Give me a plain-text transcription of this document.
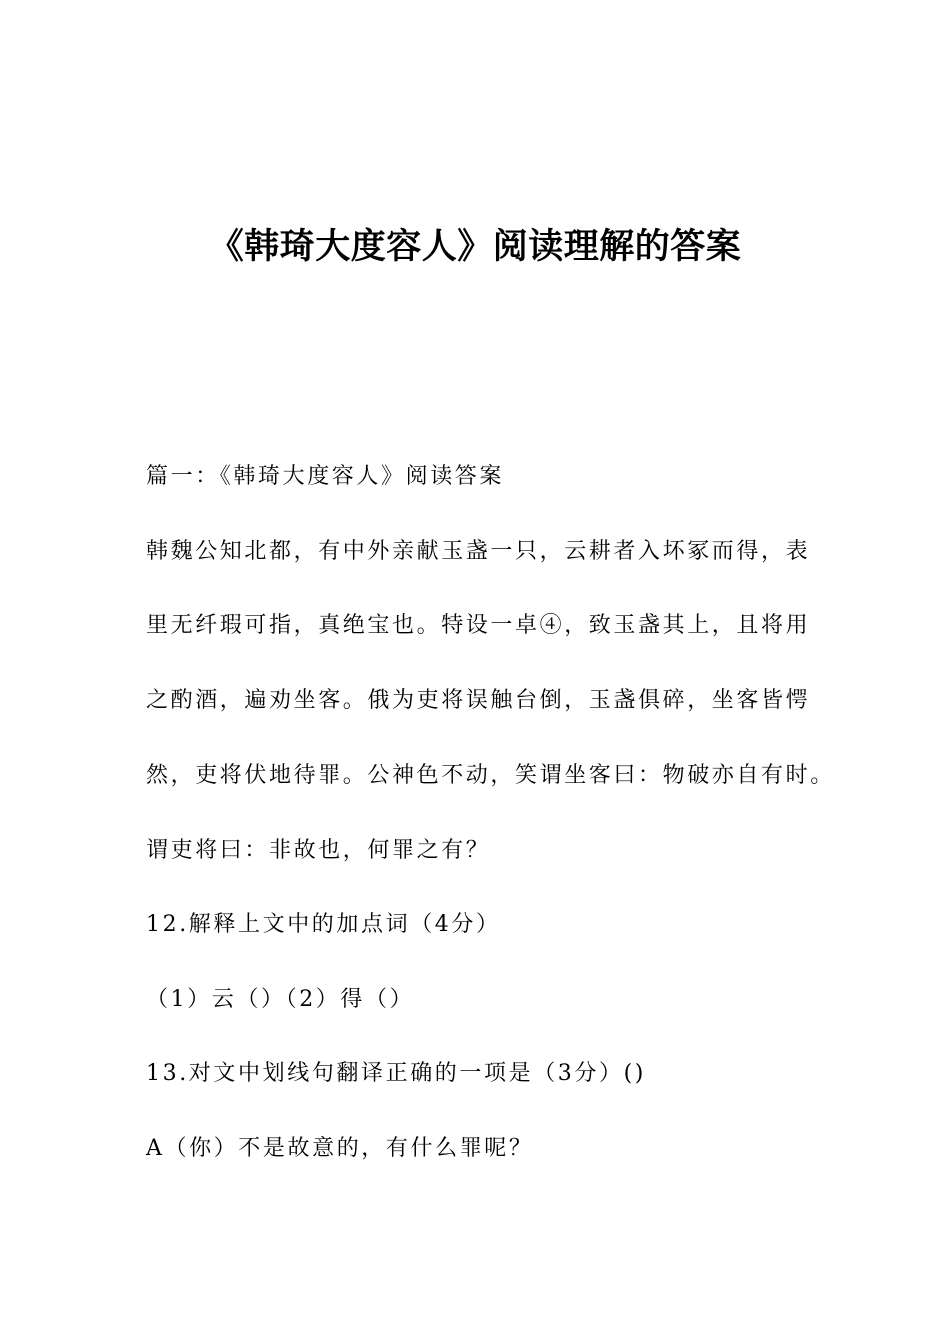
《韩琦大度容人》阅读理解的答案
篇一：《韩琦大度容人》阅读答案
韩魏公知北都，有中外亲献玉盏一只，云耕者入坏冢而得，表
里无纤瑕可指，真绝宝也。特设一卓④，致玉盏其上，且将用
之酌酒，遍劝坐客。俄为吏将误触台倒，玉盏俱碎，坐客皆愕
然，吏将伏地待罪。公神色不动，笑谓坐客曰：物破亦自有时。
谓吏将曰：非故也，何罪之有？
12.解释上文中的加点词（4分）
（1）云（）（2）得（）
13.对文中划线句翻译正确的一项是（3分）()
A（你）不是故意的，有什么罪呢？
